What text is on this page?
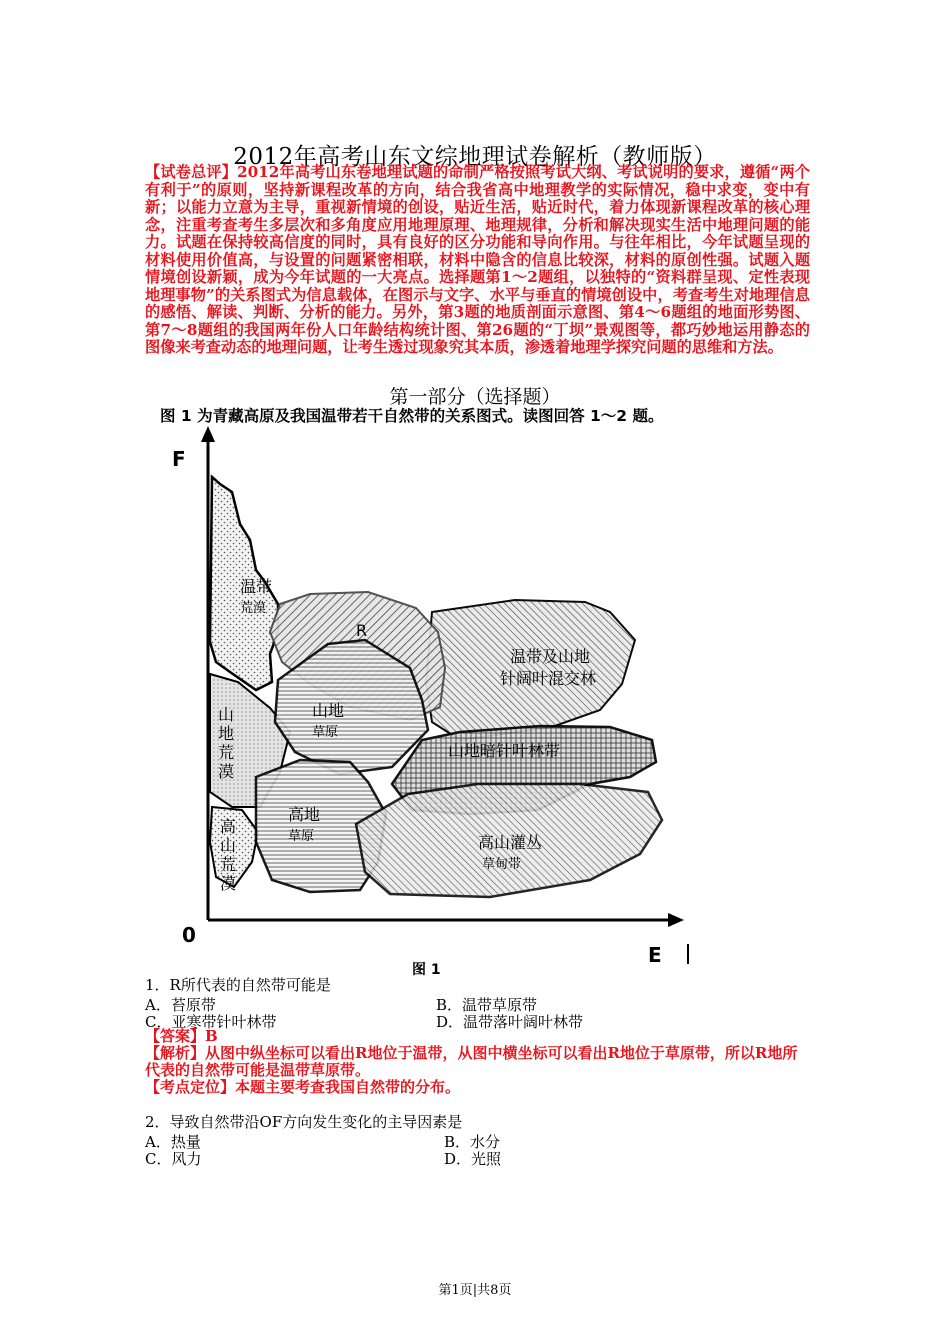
2012年高考山东文综地理试卷解析（教师版）
【试卷总评】2012年高考山东卷地理试题的命制严格按照考试大纲、考试说明的要求，遵循“两个有利于”的原则，坚持新课程改革的方向，结合我省高中地理教学的实际情况，稳中求变，变中有新；以能力立意为主导，重视新情境的创设，贴近生活，贴近时代，着力体现新课程改革的核心理念，注重考查考生多层次和多角度应用地理原理、地理规律，分析和解决现实生活中地理问题的能力。试题在保持较高信度的同时，具有良好的区分功能和导向作用。与往年相比，今年试题呈现的材料使用价值高，与设置的问题紧密相联，材料中隐含的信息比较深，材料的原创性强。试题入题情境创设新颖，成为今年试题的一大亮点。选择题第1～2题组，以独特的“资料群呈现、定性表现地理事物”的关系图式为信息载体，在图示与文字、水平与垂直的情境创设中，考查考生对地理信息的感悟、解读、判断、分析的能力。另外，第3题的地质剖面示意图、第4～6题组的地面形势图、第7～8题组的我国两年份人口年龄结构统计图、第26题的“丁坝”景观图等，都巧妙地运用静态的图像来考查动态的地理问题，让考生透过现象究其本质，渗透着地理学探究问题的思维和方法。
第一部分（选择题）
图 1 为青藏高原及我国温带若干自然带的关系图式。读图回答 1～2 题。
F
0
E
温带
荒漠
R
温带及山地
针阔叶混交林
山地
草原
山地暗针叶林带
高地
草原	高山灌丛
草甸带
图 1
山地荒漠
高山荒漠
1．R所代表的自然带可能是
A．苔原带	B．温带草原带
C．亚寒带针叶林带	D．温带落叶阔叶林带
【答案】B
【解析】从图中纵坐标可以看出R地位于温带，从图中横坐标可以看出R地位于草原带，所以R地所代表的自然带可能是温带草原带。
【考点定位】本题主要考查我国自然带的分布。
2．导致自然带沿OF方向发生变化的主导因素是
A．热量	B．水分
C．风力	D．光照
第1页|共8页
